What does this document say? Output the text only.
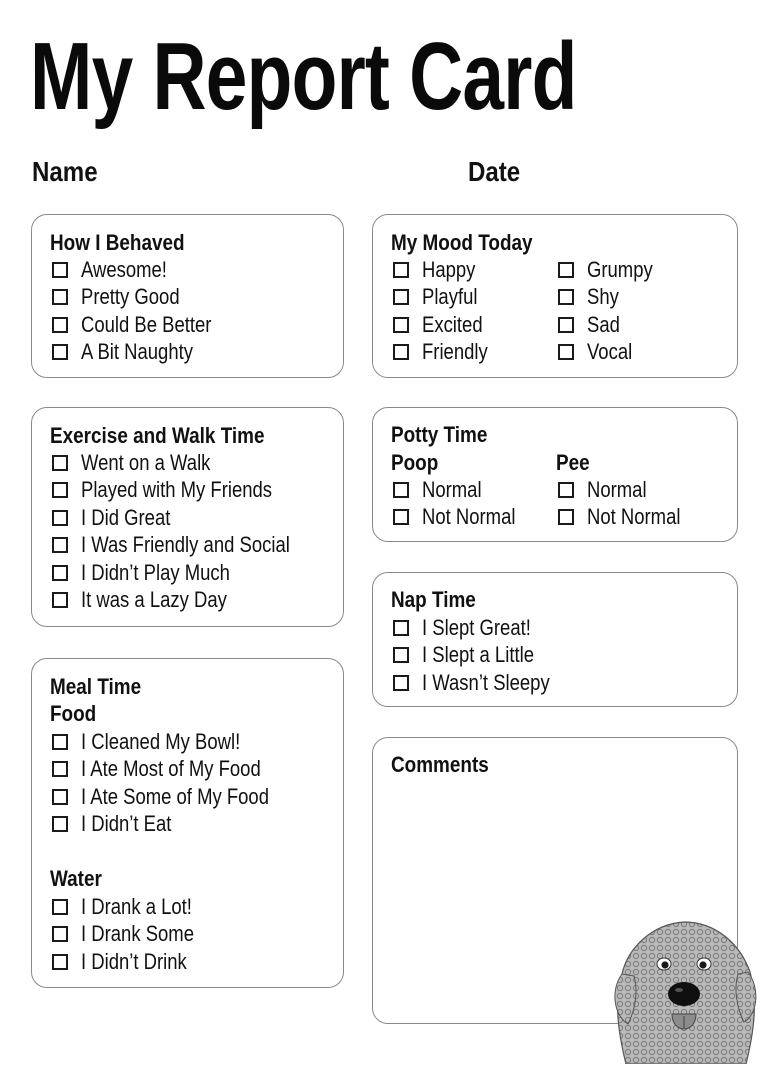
My Report Card
Name	Date
How I Behaved
Awesome!
Pretty Good
Could Be Better
A Bit Naughty
Exercise and Walk Time
Went on a Walk
Played with My Friends
I Did Great
I Was Friendly and Social
I Didn’t Play Much
It was a Lazy Day
Meal Time
Food
I Cleaned My Bowl!
I Ate Most of My Food
I Ate Some of My Food
I Didn’t Eat
Water
I Drank a Lot!
I Drank Some
I Didn’t Drink
My Mood Today
Happy
Playful
Excited
Friendly
Grumpy
Shy
Sad
Vocal
Potty Time
Poop	Pee
Normal
Not Normal
Normal
Not Normal
Nap Time
I Slept Great!
I Slept a Little
I Wasn’t Sleepy
Comments
